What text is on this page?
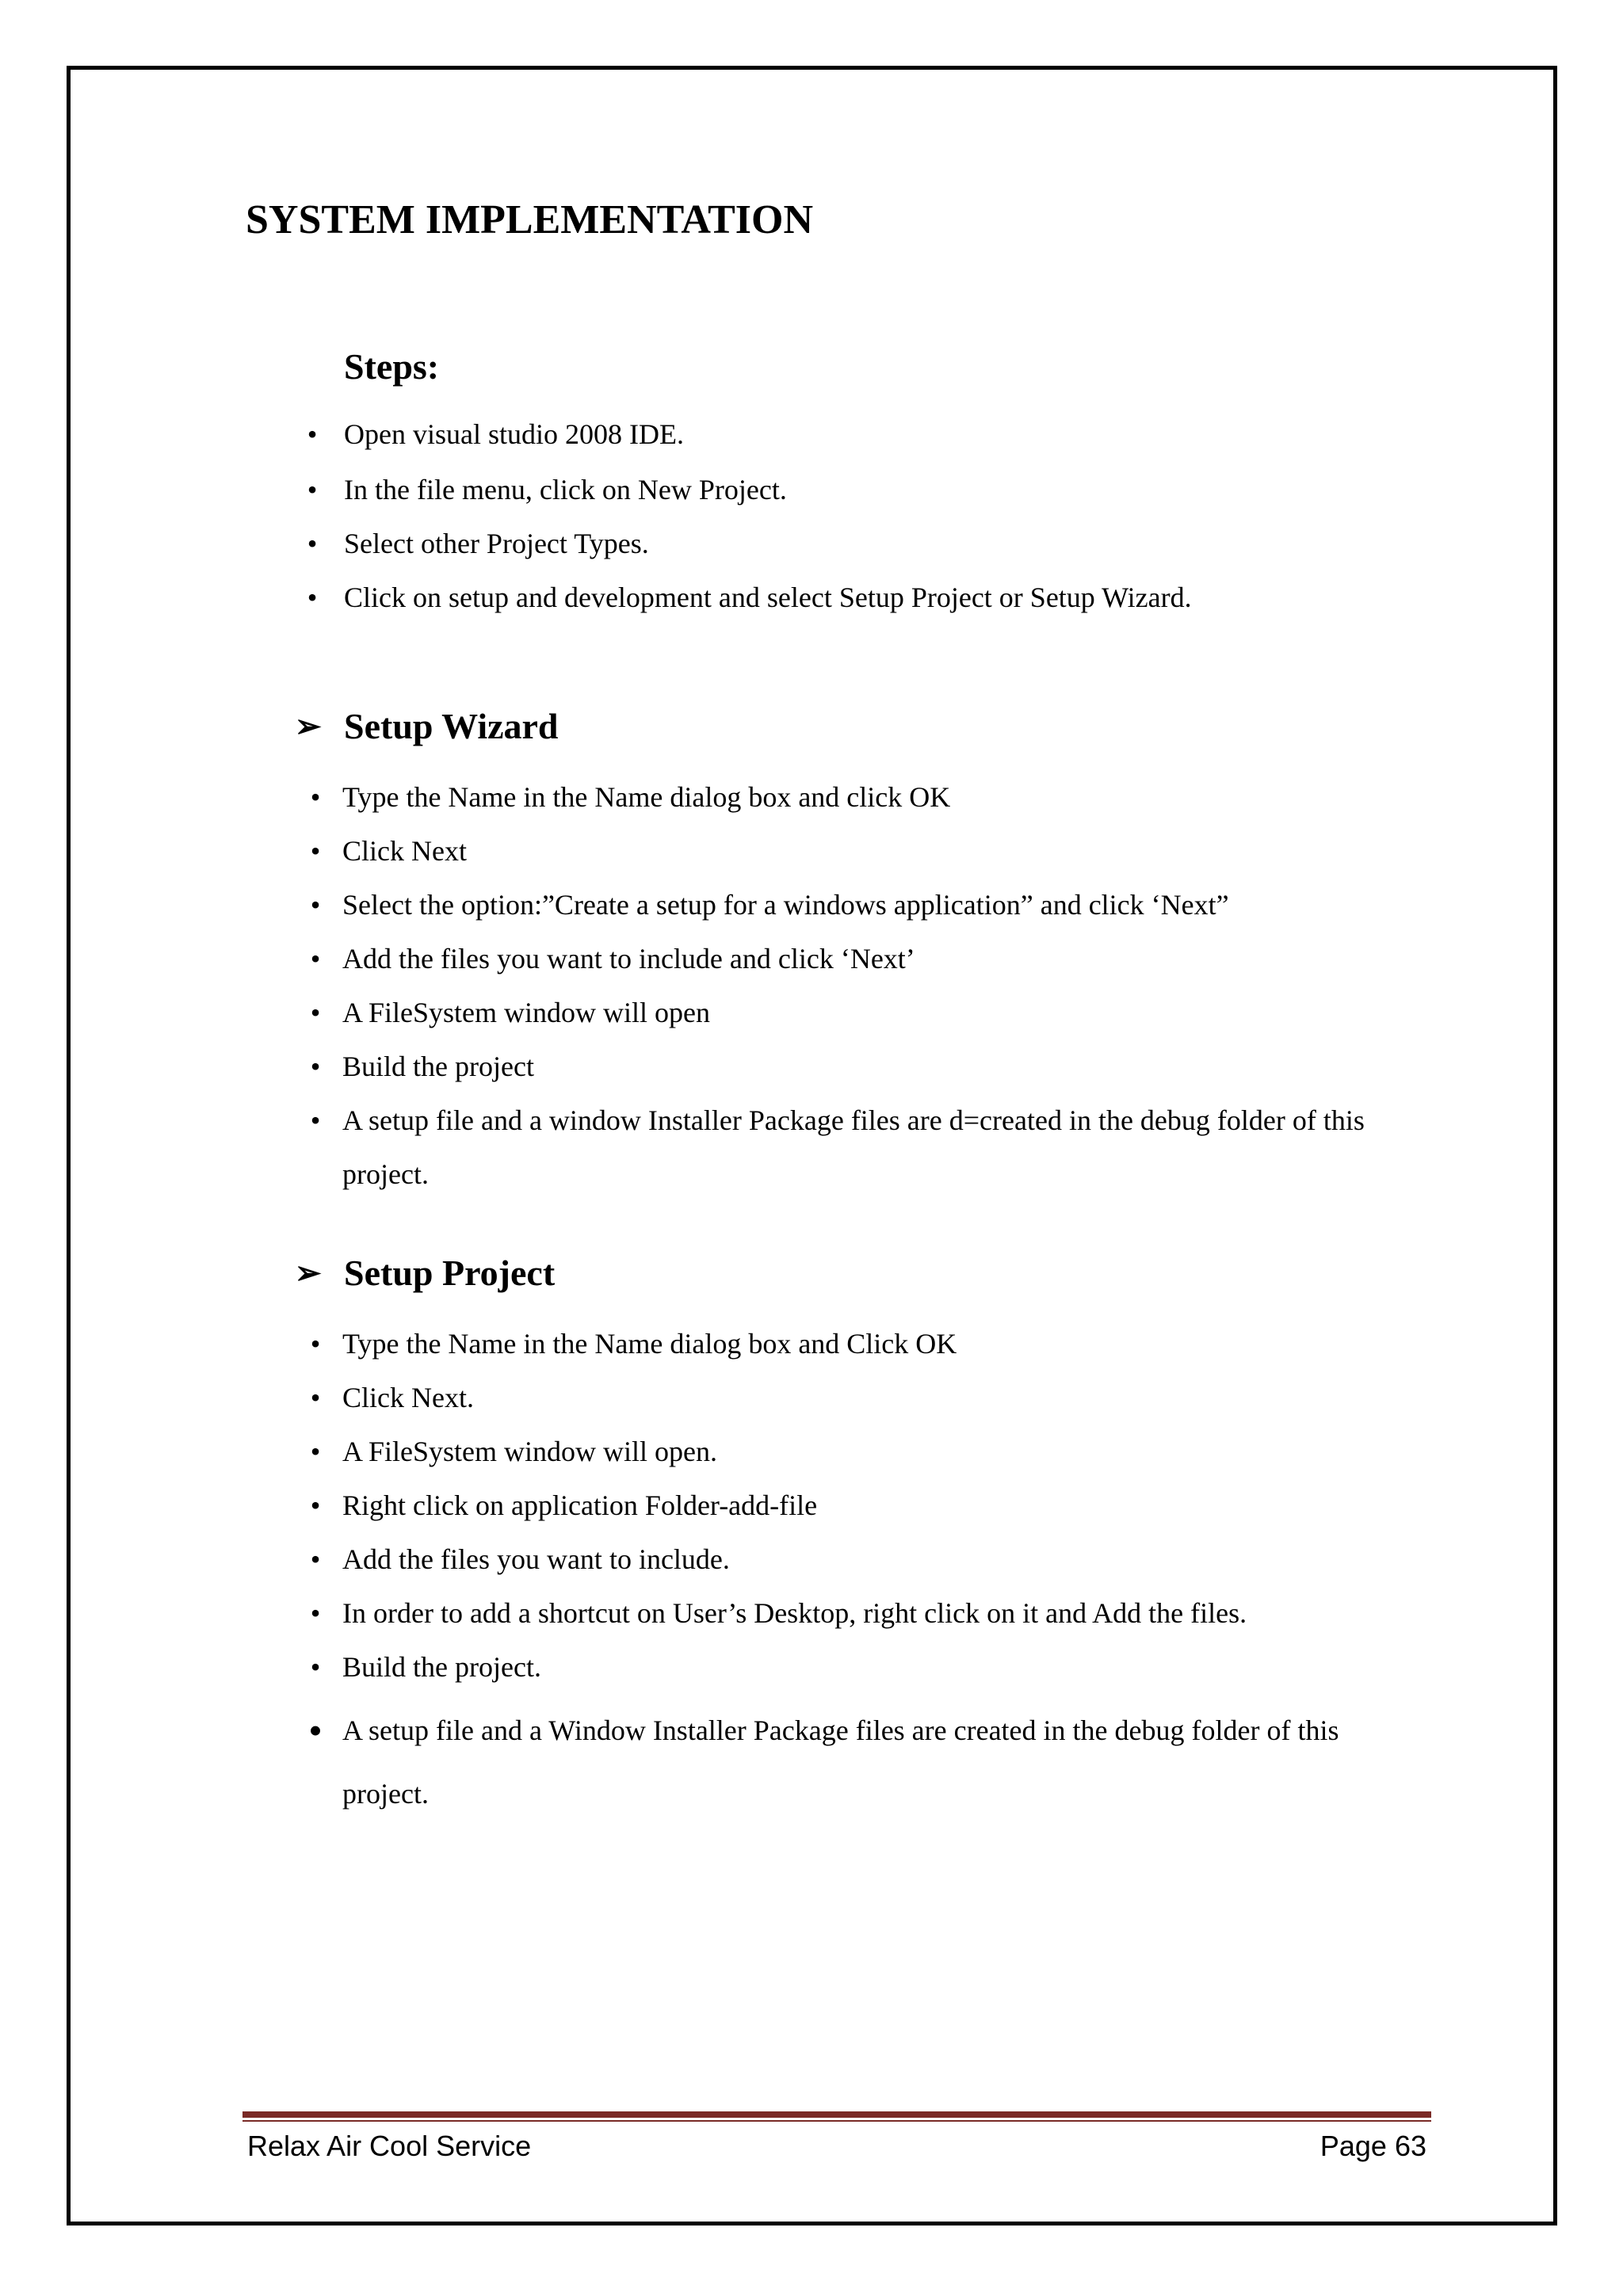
SYSTEM IMPLEMENTATION
Steps:
• Open visual studio 2008 IDE.
• In the file menu, click on New Project.
• Select other Project Types.
• Click on setup and development and select Setup Project or Setup Wizard.
➢ Setup Wizard
• Type the Name in the Name dialog box and click OK
• Click Next
• Select the option:”Create a setup for a windows application” and click ‘Next”
• Add the files you want to include and click ‘Next’
• A FileSystem window will open
• Build the project
• A setup file and a window Installer Package files are d=created in the debug folder of this
project.
➢ Setup Project
• Type the Name in the Name dialog box and Click OK
• Click Next.
• A FileSystem window will open.
• Right click on application Folder-add-file
• Add the files you want to include.
• In order to add a shortcut on User’s Desktop, right click on it and Add the files.
• Build the project.
• A setup file and a Window Installer Package files are created in the debug folder of this
project.
Relax Air Cool Service	Page 63
